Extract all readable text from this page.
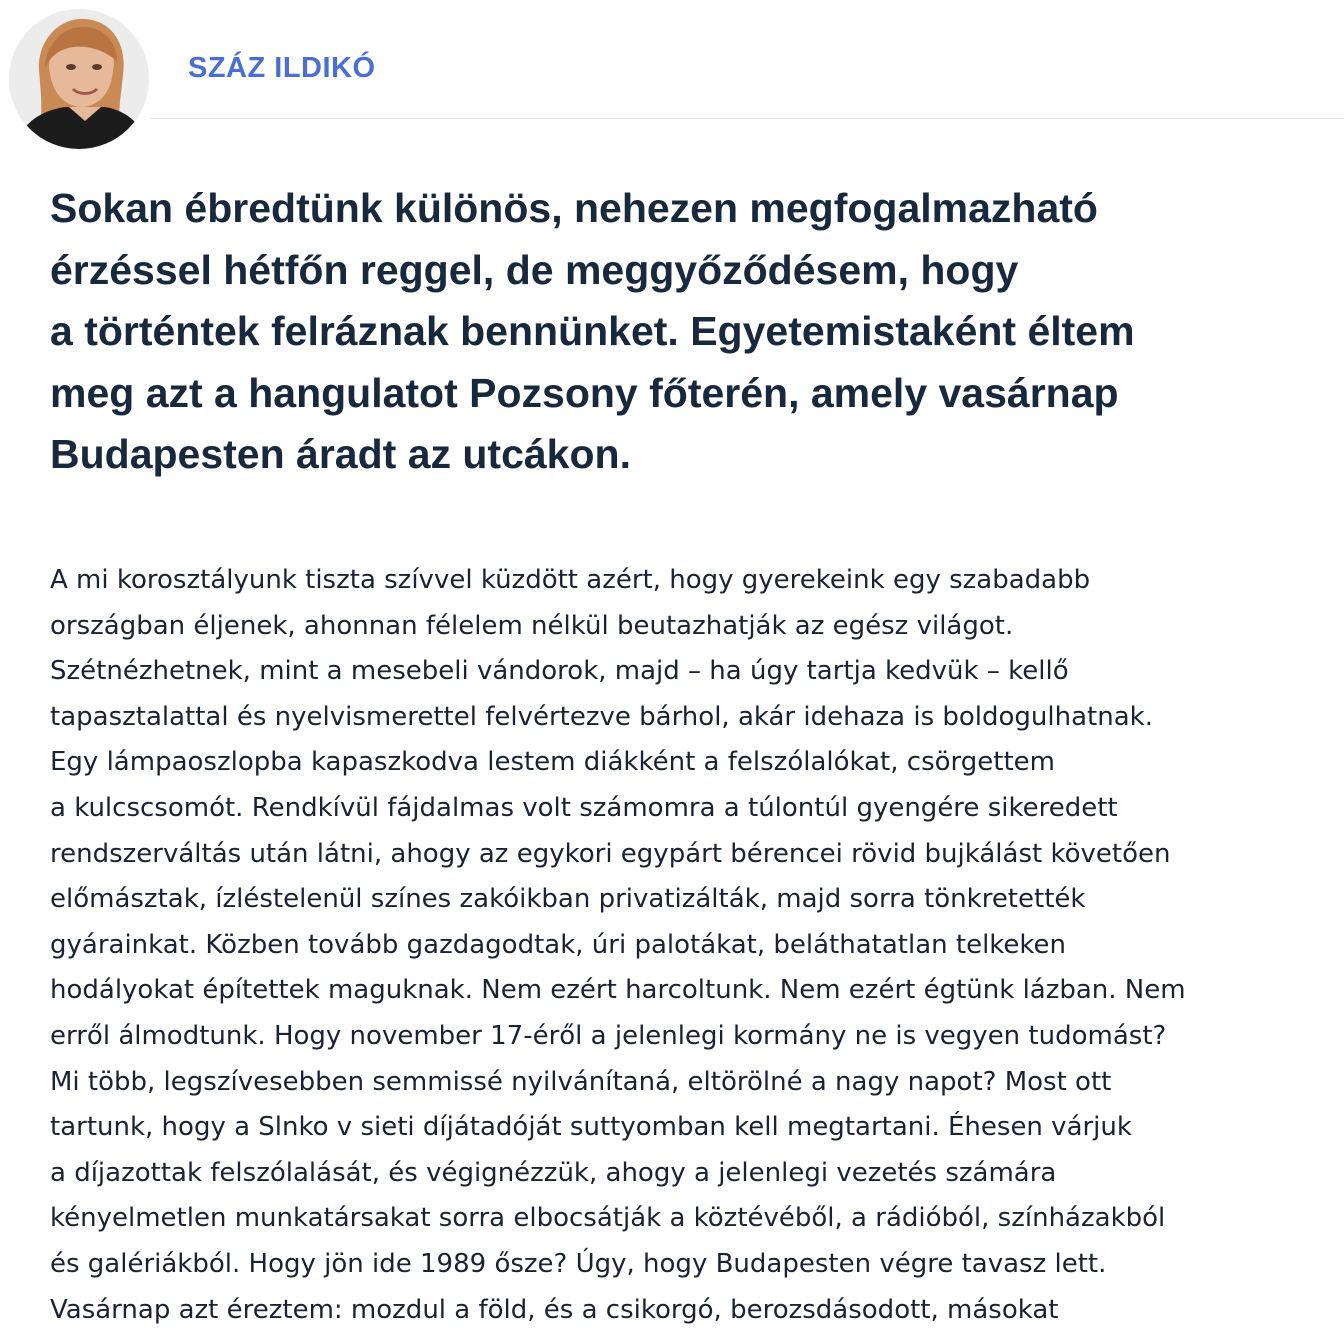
SZÁZ ILDIKÓ
Sokan ébredtünk különös, nehezen megfogalmazható
érzéssel hétfőn reggel, de meggyőződésem, hogy
a történtek felráznak bennünket. Egyetemistaként éltem
meg azt a hangulatot Pozsony főterén, amely vasárnap
Budapesten áradt az utcákon.
A mi korosztályunk tiszta szívvel küzdött azért, hogy gyerekeink egy szabadabb
országban éljenek, ahonnan félelem nélkül beutazhatják az egész világot.
Szétnézhetnek, mint a mesebeli vándorok, majd – ha úgy tartja kedvük – kellő
tapasztalattal és nyelvismerettel felvértezve bárhol, akár idehaza is boldogulhatnak.
Egy lámpaoszlopba kapaszkodva lestem diákként a felszólalókat, csörgettem
a kulcscsomót. Rendkívül fájdalmas volt számomra a túlontúl gyengére sikeredett
rendszerváltás után látni, ahogy az egykori egypárt bérencei rövid bujkálást követően
előmásztak, ízléstelenül színes zakóikban privatizálták, majd sorra tönkretették
gyárainkat. Közben tovább gazdagodtak, úri palotákat, beláthatatlan telkeken
hodályokat építettek maguknak. Nem ezért harcoltunk. Nem ezért égtünk lázban. Nem
erről álmodtunk. Hogy november 17-éről a jelenlegi kormány ne is vegyen tudomást?
Mi több, legszívesebben semmissé nyilvánítaná, eltörölné a nagy napot? Most ott
tartunk, hogy a Slnko v sieti díjátadóját suttyomban kell megtartani. Éhesen várjuk
a díjazottak felszólalását, és végignézzük, ahogy a jelenlegi vezetés számára
kényelmetlen munkatársakat sorra elbocsátják a köztévéből, a rádióból, színházakból
és galériákból. Hogy jön ide 1989 ősze? Úgy, hogy Budapesten végre tavasz lett.
Vasárnap azt éreztem: mozdul a föld, és a csikorgó, berozsdásodott, másokat
